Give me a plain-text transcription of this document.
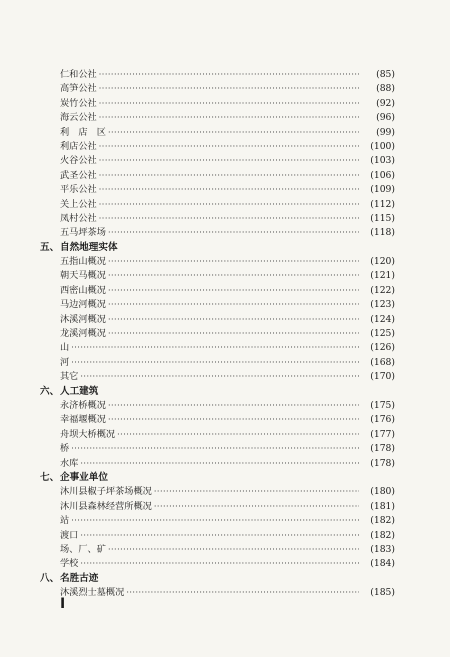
仁和公社 ·····	(85)
高笋公社 ·····	(88)
炭竹公社 ·····	(92)
海云公社 ·····	(96)
利　店　区 ·····	(99)
利店公社 ·····	(100)
火谷公社 ·····	(103)
武圣公社 ·····	(106)
平乐公社 ·····	(109)
关上公社 ·····	(112)
凤村公社 ·····	(115)
五马坪茶场 ·····	(118)
五、 自然地理实体
五指山概况 ·····	(120)
朝天马概况 ·····	(121)
西密山概况 ·····	(122)
马边河概况 ·····	(123)
沐溪河概况 ·····	(124)
龙溪河概况 ·····	(125)
山 ·····	(126)
河 ·····	(168)
其它 ·····	(170)
六、 人工建筑
永济桥概况 ·····	(175)
幸福堰概况 ·····	(176)
舟坝大桥概况 ·····	(177)
桥 ·····	(178)
水库 ·····	(178)
七、 企事业单位
沐川县椒子坪茶场概况 ·····	(180)
沐川县森林经营所概况 ·····	(181)
站 ·····	(182)
渡口 ·····	(182)
场、厂、矿 ·····	(183)
学校 ·····	(184)
八、 名胜古迹
沐溪烈士墓概况 ·····	(185)
I
